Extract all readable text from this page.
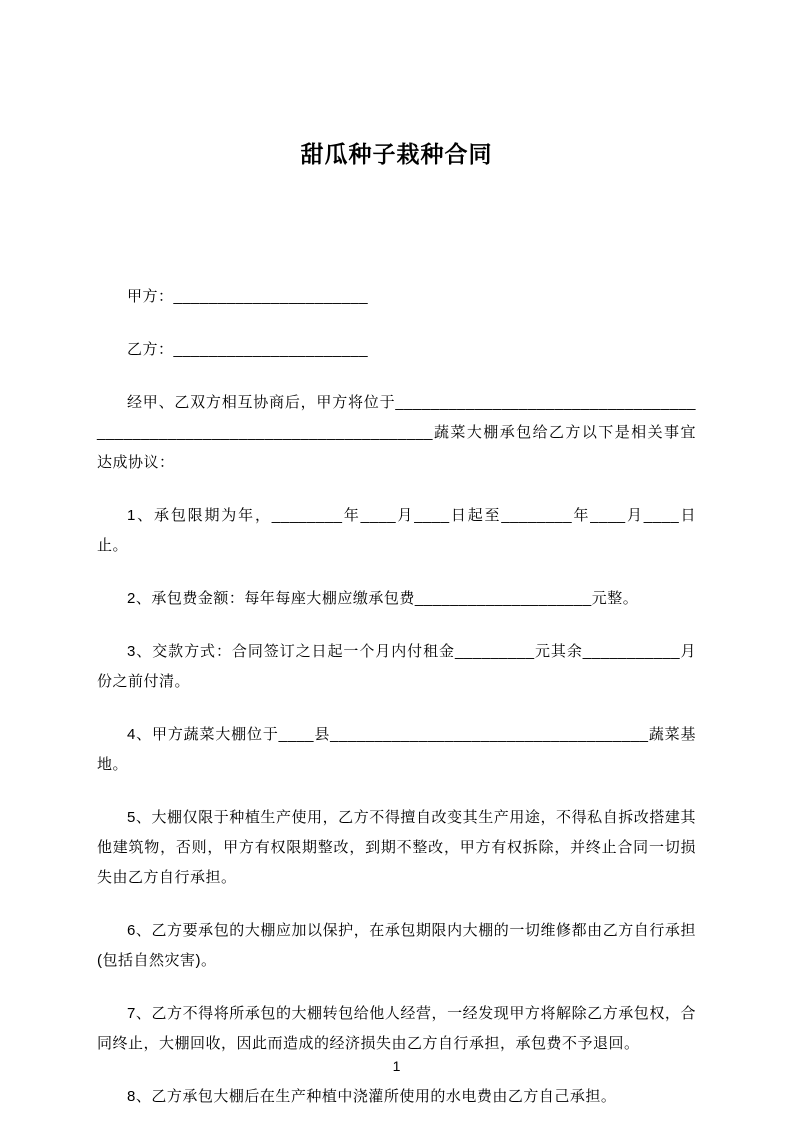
甜瓜种子栽种合同

甲方：______________________

乙方：______________________

经甲、乙双方相互协商后，甲方将位于________________________________________________________________________蔬菜大棚承包给乙方以下是相关事宜达成协议：

1、承包限期为年，________年____月____日起至________年____月____日止。

2、承包费金额：每年每座大棚应缴承包费____________________元整。

3、交款方式：合同签订之日起一个月内付租金_________元其余___________月份之前付清。

4、甲方蔬菜大棚位于____县____________________________________蔬菜基地。

5、大棚仅限于种植生产使用，乙方不得擅自改变其生产用途，不得私自拆改搭建其他建筑物，否则，甲方有权限期整改，到期不整改，甲方有权拆除，并终止合同一切损失由乙方自行承担。

6、乙方要承包的大棚应加以保护，在承包期限内大棚的一切维修都由乙方自行承担(包括自然灾害)。

7、乙方不得将所承包的大棚转包给他人经营，一经发现甲方将解除乙方承包权，合同终止，大棚回收，因此而造成的经济损失由乙方自行承担，承包费不予退回。

8、乙方承包大棚后在生产种植中浇灌所使用的水电费由乙方自己承担。

1
